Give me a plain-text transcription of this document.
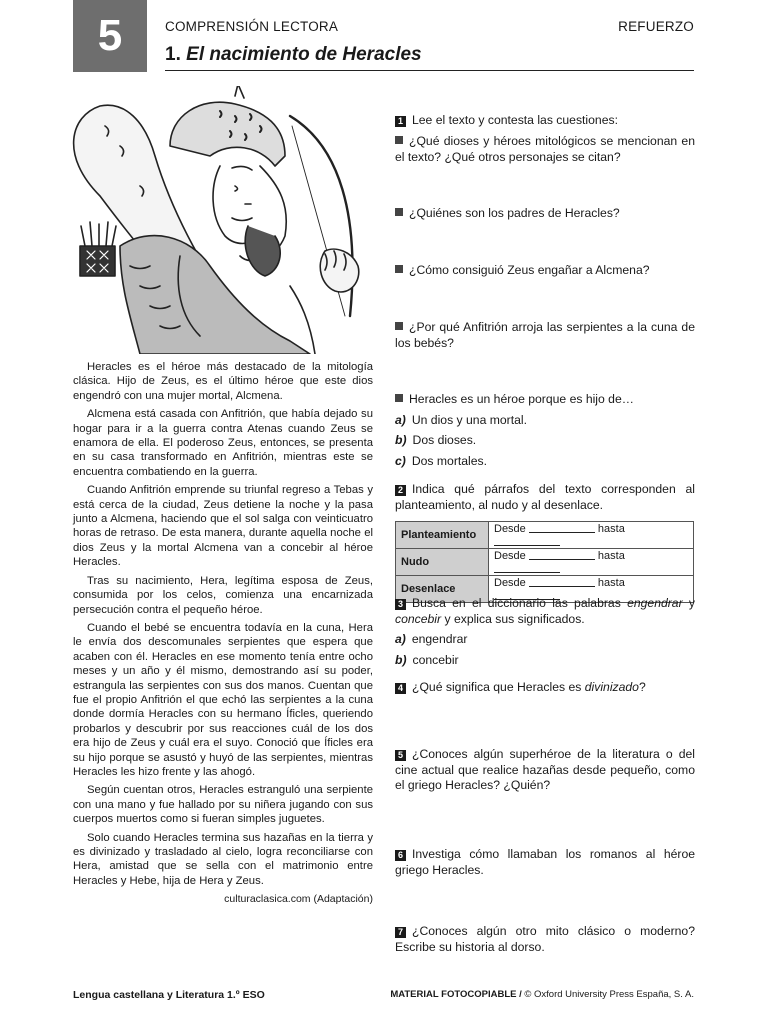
5	COMPRENSIÓN LECTORA	REFUERZO
1. El nacimiento de Heracles

Heracles es el héroe más destacado de la mitología clásica. Hijo de Zeus, es el último héroe que este dios engendró con una mujer mortal, Alcmena.

Alcmena está casada con Anfitrión, que había dejado su hogar para ir a la guerra contra Atenas cuando Zeus se enamora de ella. El poderoso Zeus, entonces, se presenta en su casa transformado en Anfitrión, mientras este se encuentra combatiendo en la guerra.

Cuando Anfitrión emprende su triunfal regreso a Tebas y está cerca de la ciudad, Zeus detiene la noche y la pasa junto a Alcmena, haciendo que el sol salga con veinticuatro horas de retraso. De esta manera, durante aquella noche el dios Zeus y la mortal Alcmena van a concebir al héroe Heracles.

Tras su nacimiento, Hera, legítima esposa de Zeus, consumida por los celos, comienza una encarnizada persecución contra el pequeño héroe.

Cuando el bebé se encuentra todavía en la cuna, Hera le envía dos descomunales serpientes que espera que acaben con él. Heracles en ese momento tenía entre ocho meses y un año y él mismo, demostrando así su poder, estrangula las serpientes con sus dos manos. Cuentan que fue el propio Anfitrión el que echó las serpientes a la cuna donde dormía Heracles con su hermano Íficles, queriendo probarlos y descubrir por sus reacciones cuál de los dos era hijo de Zeus y cuál era el suyo. Conoció que Íficles era su hijo porque se asustó y huyó de las serpientes, mientras Heracles les hizo frente y las ahogó.

Según cuentan otros, Heracles estranguló una serpiente con una mano y fue hallado por su niñera jugando con sus cuerpos muertos como si fueran simples juguetes.

Solo cuando Heracles termina sus hazañas en la tierra y es divinizado y trasladado al cielo, logra reconciliarse con Hera, amistad que se sella con el matrimonio entre Heracles y Hebe, hija de Hera y Zeus.

culturaclasica.com (Adaptación)
1 Lee el texto y contesta las cuestiones:
¿Qué dioses y héroes mitológicos se mencionan en el texto? ¿Qué otros personajes se citan?
¿Quiénes son los padres de Heracles?
¿Cómo consiguió Zeus engañar a Alcmena?
¿Por qué Anfitrión arroja las serpientes a la cuna de los bebés?
Heracles es un héroe porque es hijo de…
a) Un dios y una mortal.
b) Dos dioses.
c) Dos mortales.
2 Indica qué párrafos del texto corresponden al planteamiento, al nudo y al desenlace.
Planteamiento	Desde hasta
Nudo	Desde hasta
Desenlace	Desde hasta
3 Busca en el diccionario las palabras engendrar y concebir y explica sus significados.
a) engendrar
b) concebir
4 ¿Qué significa que Heracles es divinizado?
5 ¿Conoces algún superhéroe de la literatura o del cine actual que realice hazañas desde pequeño, como el griego Heracles? ¿Quién?
6 Investiga cómo llamaban los romanos al héroe griego Heracles.
7 ¿Conoces algún otro mito clásico o moderno? Escribe su historia al dorso.
Lengua castellana y Literatura 1.º ESO	MATERIAL FOTOCOPIABLE / © Oxford University Press España, S. A.
